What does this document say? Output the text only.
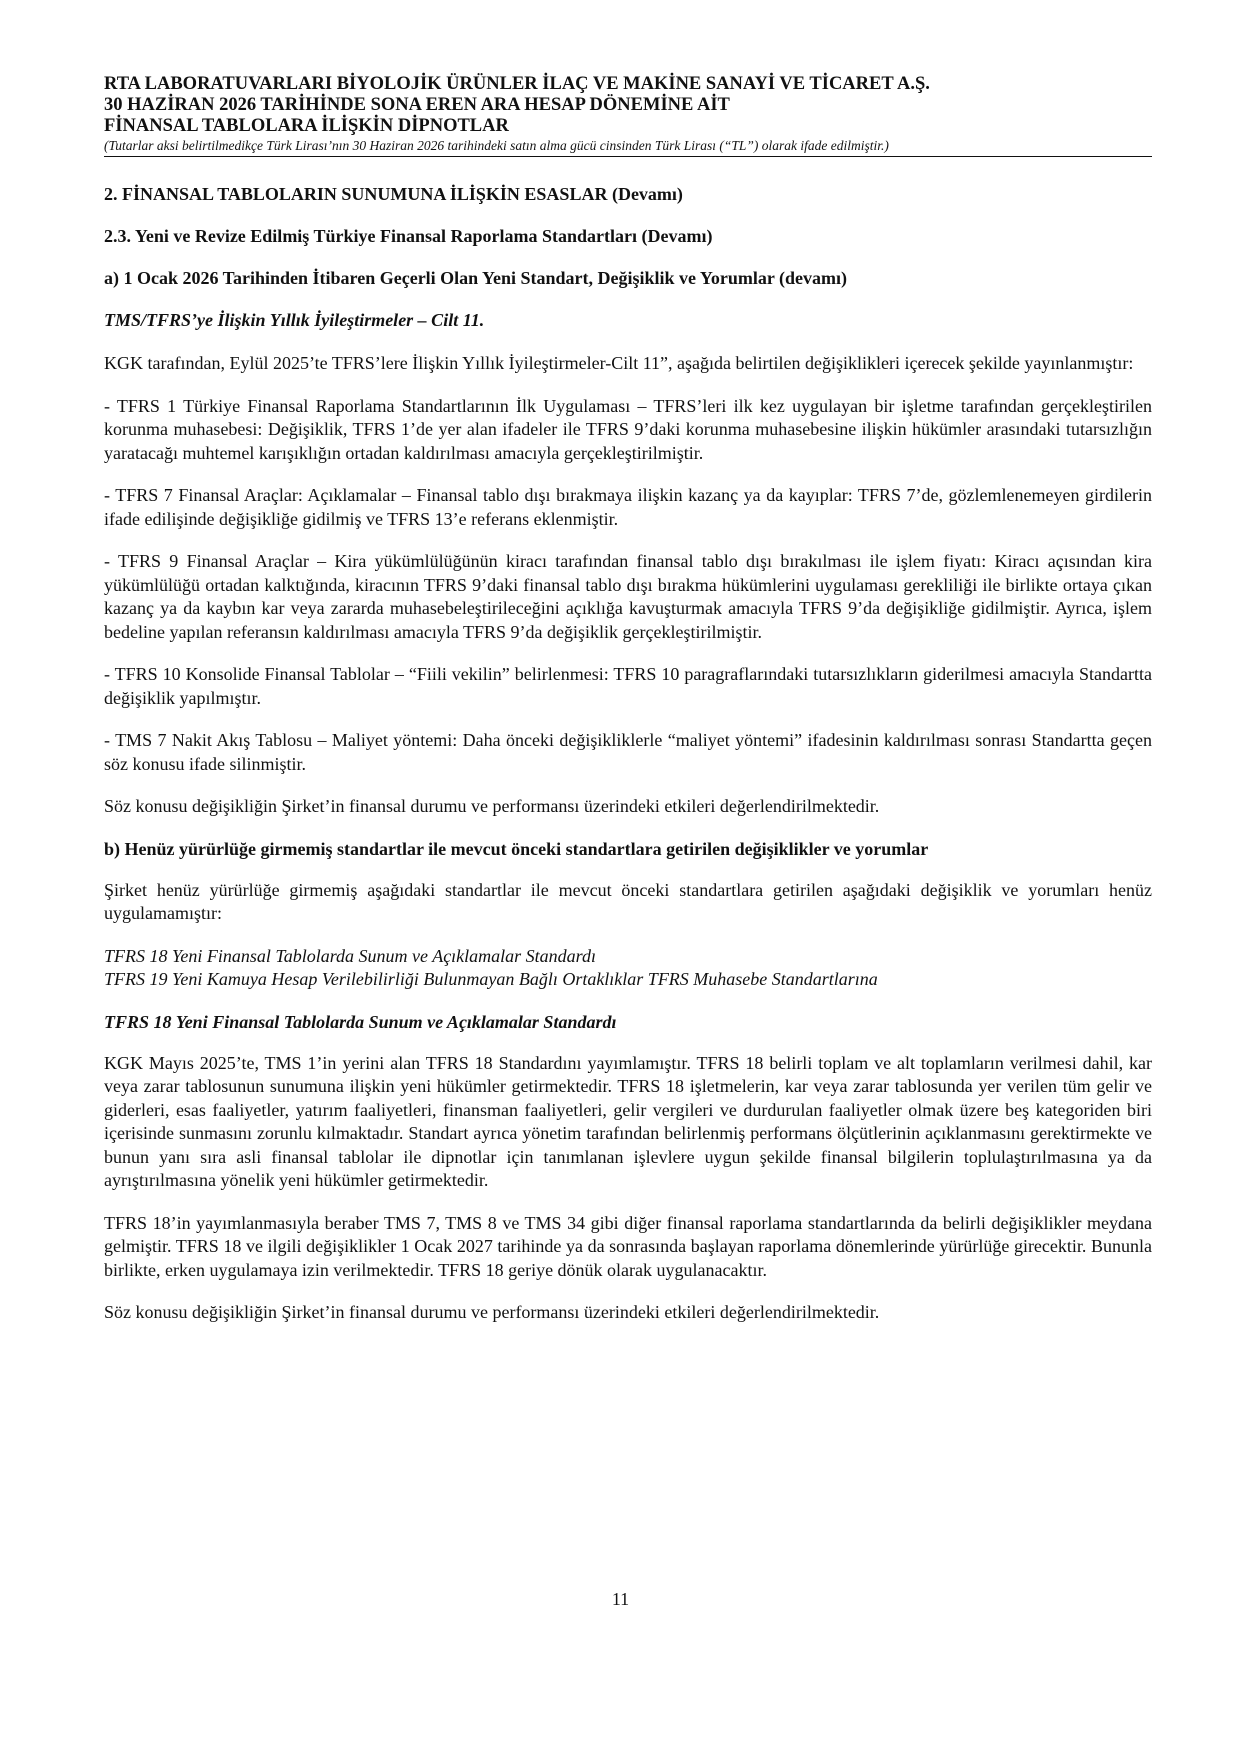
RTA LABORATUVARLARI BİYOLOJİK ÜRÜNLER İLAÇ VE MAKİNE SANAYİ VE TİCARET A.Ş.
30 HAZİRAN 2026 TARİHİNDE SONA EREN ARA HESAP DÖNEMİNE AİT
FİNANSAL TABLOLARA İLİŞKİN DİPNOTLAR
(Tutarlar aksi belirtilmedikçe Türk Lirası’nın 30 Haziran 2026 tarihindeki satın alma gücü cinsinden Türk Lirası (“TL”) olarak ifade edilmiştir.)
2. FİNANSAL TABLOLARIN SUNUMUNA İLİŞKİN ESASLAR (Devamı)
2.3. Yeni ve Revize Edilmiş Türkiye Finansal Raporlama Standartları (Devamı)
a) 1 Ocak 2026 Tarihinden İtibaren Geçerli Olan Yeni Standart, Değişiklik ve Yorumlar (devamı)
TMS/TFRS’ye İlişkin Yıllık İyileştirmeler – Cilt 11.

KGK tarafından, Eylül 2025’te TFRS’lere İlişkin Yıllık İyileştirmeler-Cilt 11”, aşağıda belirtilen değişiklikleri içerecek şekilde yayınlanmıştır:

- TFRS 1 Türkiye Finansal Raporlama Standartlarının İlk Uygulaması – TFRS’leri ilk kez uygulayan bir işletme tarafından gerçekleştirilen korunma muhasebesi: Değişiklik, TFRS 1’de yer alan ifadeler ile TFRS 9’daki korunma muhasebesine ilişkin hükümler arasındaki tutarsızlığın yaratacağı muhtemel karışıklığın ortadan kaldırılması amacıyla gerçekleştirilmiştir.

- TFRS 7 Finansal Araçlar: Açıklamalar – Finansal tablo dışı bırakmaya ilişkin kazanç ya da kayıplar: TFRS 7’de, gözlemlenemeyen girdilerin ifade edilişinde değişikliğe gidilmiş ve TFRS 13’e referans eklenmiştir.

- TFRS 9 Finansal Araçlar – Kira yükümlülüğünün kiracı tarafından finansal tablo dışı bırakılması ile işlem fiyatı: Kiracı açısından kira yükümlülüğü ortadan kalktığında, kiracının TFRS 9’daki finansal tablo dışı bırakma hükümlerini uygulaması gerekliliği ile birlikte ortaya çıkan kazanç ya da kaybın kar veya zararda muhasebeleştirileceğini açıklığa kavuşturmak amacıyla TFRS 9’da değişikliğe gidilmiştir. Ayrıca, işlem bedeline yapılan referansın kaldırılması amacıyla TFRS 9’da değişiklik gerçekleştirilmiştir.

- TFRS 10 Konsolide Finansal Tablolar – “Fiili vekilin” belirlenmesi: TFRS 10 paragraflarındaki tutarsızlıkların giderilmesi amacıyla Standartta değişiklik yapılmıştır.

- TMS 7 Nakit Akış Tablosu – Maliyet yöntemi: Daha önceki değişikliklerle “maliyet yöntemi” ifadesinin kaldırılması sonrası Standartta geçen söz konusu ifade silinmiştir.

Söz konusu değişikliğin Şirket’in finansal durumu ve performansı üzerindeki etkileri değerlendirilmektedir.

b) Henüz yürürlüğe girmemiş standartlar ile mevcut önceki standartlara getirilen değişiklikler ve yorumlar

Şirket henüz yürürlüğe girmemiş aşağıdaki standartlar ile mevcut önceki standartlara getirilen aşağıdaki değişiklik ve yorumları henüz uygulamamıştır:

TFRS 18 Yeni Finansal Tablolarda Sunum ve Açıklamalar Standardı
TFRS 19 Yeni Kamuya Hesap Verilebilirliği Bulunmayan Bağlı Ortaklıklar TFRS Muhasebe Standartlarına
TFRS 18 Yeni Finansal Tablolarda Sunum ve Açıklamalar Standardı

KGK Mayıs 2025’te, TMS 1’in yerini alan TFRS 18 Standardını yayımlamıştır. TFRS 18 belirli toplam ve alt toplamların verilmesi dahil, kar veya zarar tablosunun sunumuna ilişkin yeni hükümler getirmektedir. TFRS 18 işletmelerin, kar veya zarar tablosunda yer verilen tüm gelir ve giderleri, esas faaliyetler, yatırım faaliyetleri, finansman faaliyetleri, gelir vergileri ve durdurulan faaliyetler olmak üzere beş kategoriden biri içerisinde sunmasını zorunlu kılmaktadır. Standart ayrıca yönetim tarafından belirlenmiş performans ölçütlerinin açıklanmasını gerektirmekte ve bunun yanı sıra asli finansal tablolar ile dipnotlar için tanımlanan işlevlere uygun şekilde finansal bilgilerin toplulaştırılmasına ya da ayrıştırılmasına yönelik yeni hükümler getirmektedir.

TFRS 18’in yayımlanmasıyla beraber TMS 7, TMS 8 ve TMS 34 gibi diğer finansal raporlama standartlarında da belirli değişiklikler meydana gelmiştir. TFRS 18 ve ilgili değişiklikler 1 Ocak 2027 tarihinde ya da sonrasında başlayan raporlama dönemlerinde yürürlüğe girecektir. Bununla birlikte, erken uygulamaya izin verilmektedir. TFRS 18 geriye dönük olarak uygulanacaktır.

Söz konusu değişikliğin Şirket’in finansal durumu ve performansı üzerindeki etkileri değerlendirilmektedir.

11
